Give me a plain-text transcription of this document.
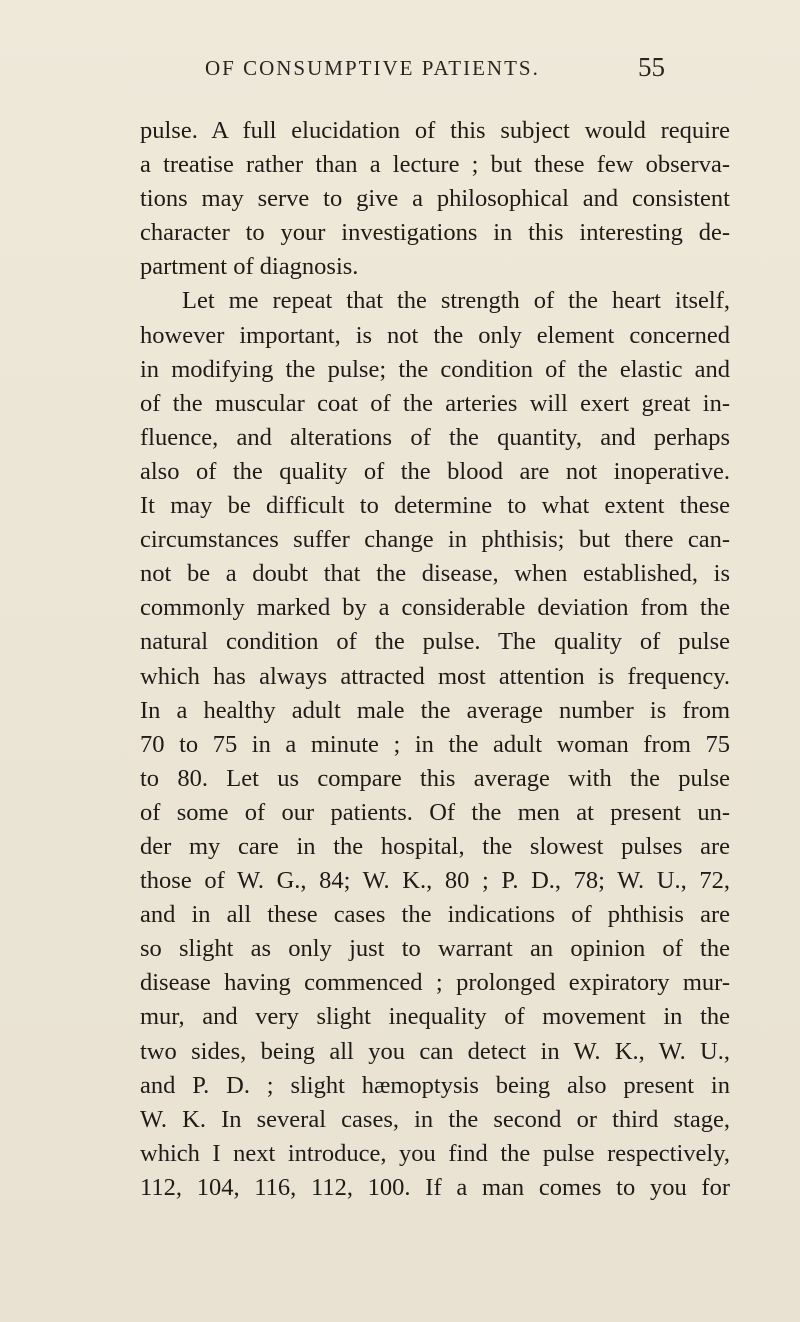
OF CONSUMPTIVE PATIENTS.	55
pulse. A full elucidation of this subject would require
a treatise rather than a lecture ; but these few observa-
tions may serve to give a philosophical and consistent
character to your investigations in this interesting de-
partment of diagnosis.
Let me repeat that the strength of the heart itself,
however important, is not the only element concerned
in modifying the pulse; the condition of the elastic and
of the muscular coat of the arteries will exert great in-
fluence, and alterations of the quantity, and perhaps
also of the quality of the blood are not inoperative.
It may be difficult to determine to what extent these
circumstances suffer change in phthisis; but there can-
not be a doubt that the disease, when established, is
commonly marked by a considerable deviation from the
natural condition of the pulse. The quality of pulse
which has always attracted most attention is frequency.
In a healthy adult male the average number is from
70 to 75 in a minute ; in the adult woman from 75
to 80. Let us compare this average with the pulse
of some of our patients. Of the men at present un-
der my care in the hospital, the slowest pulses are
those of W. G., 84; W. K., 80 ; P. D., 78; W. U., 72,
and in all these cases the indications of phthisis are
so slight as only just to warrant an opinion of the
disease having commenced ; prolonged expiratory mur-
mur, and very slight inequality of movement in the
two sides, being all you can detect in W. K., W. U.,
and P. D. ; slight hæmoptysis being also present in
W. K. In several cases, in the second or third stage,
which I next introduce, you find the pulse respectively,
112, 104, 116, 112, 100. If a man comes to you for
